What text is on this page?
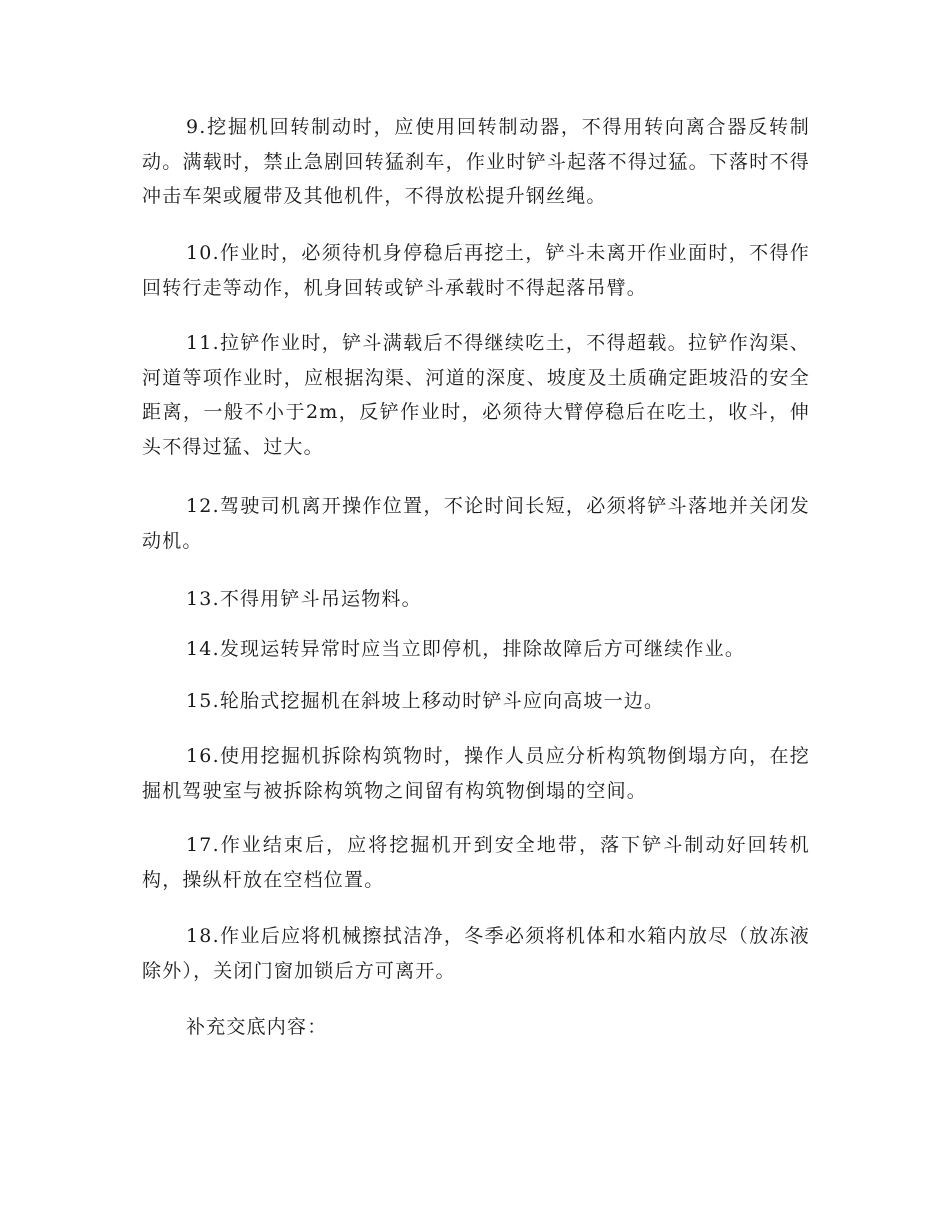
9.挖掘机回转制动时，应使用回转制动器，不得用转向离合器反转制动。满载时，禁止急剧回转猛刹车，作业时铲斗起落不得过猛。下落时不得冲击车架或履带及其他机件，不得放松提升钢丝绳。

10.作业时，必须待机身停稳后再挖土，铲斗未离开作业面时，不得作回转行走等动作，机身回转或铲斗承载时不得起落吊臂。

11.拉铲作业时，铲斗满载后不得继续吃土，不得超载。拉铲作沟渠、河道等项作业时，应根据沟渠、河道的深度、坡度及土质确定距坡沿的安全距离，一般不小于2m，反铲作业时，必须待大臂停稳后在吃土，收斗，伸头不得过猛、过大。

12.驾驶司机离开操作位置，不论时间长短，必须将铲斗落地并关闭发动机。

13.不得用铲斗吊运物料。

14.发现运转异常时应当立即停机，排除故障后方可继续作业。

15.轮胎式挖掘机在斜坡上移动时铲斗应向高坡一边。

16.使用挖掘机拆除构筑物时，操作人员应分析构筑物倒塌方向，在挖掘机驾驶室与被拆除构筑物之间留有构筑物倒塌的空间。

17.作业结束后，应将挖掘机开到安全地带，落下铲斗制动好回转机构，操纵杆放在空档位置。

18.作业后应将机械擦拭洁净，冬季必须将机体和水箱内放尽（放冻液除外），关闭门窗加锁后方可离开。

补充交底内容：
